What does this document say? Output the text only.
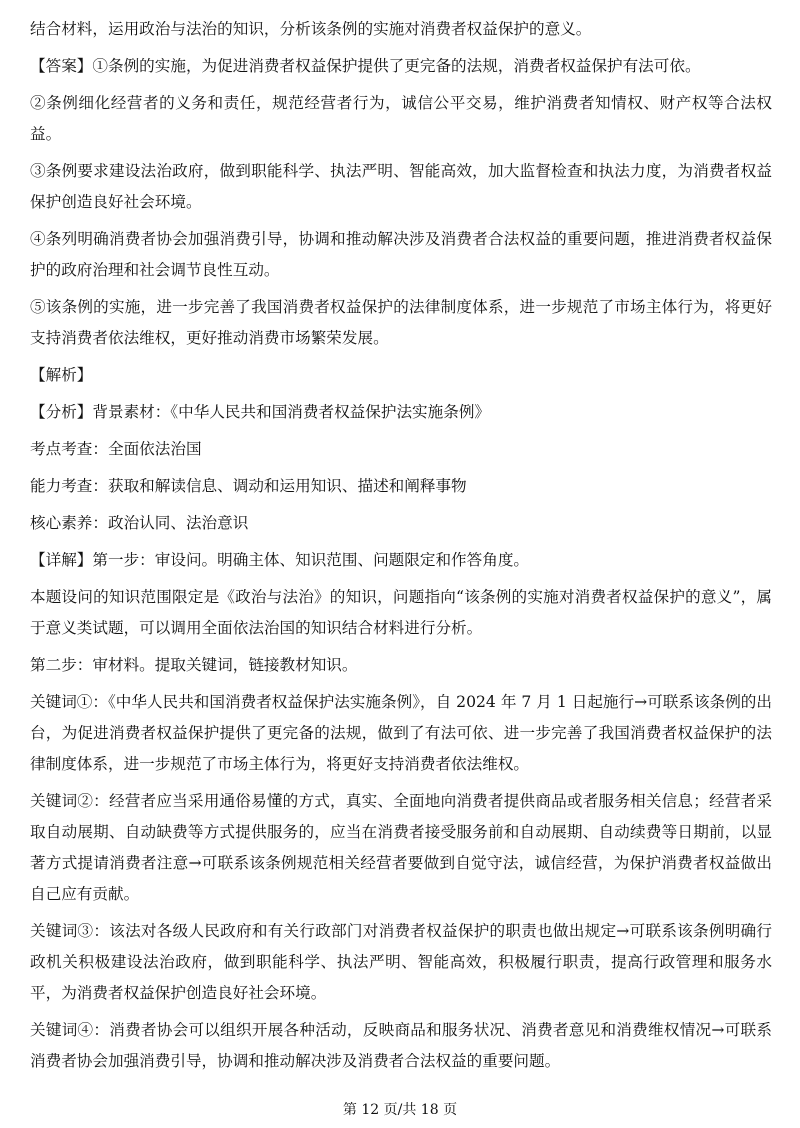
结合材料，运用政治与法治的知识，分析该条例的实施对消费者权益保护的意义。

【答案】①条例的实施，为促进消费者权益保护提供了更完备的法规，消费者权益保护有法可依。

②条例细化经营者的义务和责任，规范经营者行为，诚信公平交易，维护消费者知情权、财产权等合法权益。

③条例要求建设法治政府，做到职能科学、执法严明、智能高效，加大监督检查和执法力度，为消费者权益保护创造良好社会环境。

④条列明确消费者协会加强消费引导，协调和推动解决涉及消费者合法权益的重要问题，推进消费者权益保护的政府治理和社会调节良性互动。

⑤该条例的实施，进一步完善了我国消费者权益保护的法律制度体系，进一步规范了市场主体行为，将更好支持消费者依法维权，更好推动消费市场繁荣发展。

【解析】

【分析】背景素材：《中华人民共和国消费者权益保护法实施条例》

考点考查：全面依法治国

能力考查：获取和解读信息、调动和运用知识、描述和阐释事物

核心素养：政治认同、法治意识

【详解】第一步：审设问。明确主体、知识范围、问题限定和作答角度。

本题设问的知识范围限定是《政治与法治》的知识，问题指向“该条例的实施对消费者权益保护的意义”，属于意义类试题，可以调用全面依法治国的知识结合材料进行分析。

第二步：审材料。提取关键词，链接教材知识。

关键词①：《中华人民共和国消费者权益保护法实施条例》，自 2024 年 7 月 1 日起施行→可联系该条例的出台，为促进消费者权益保护提供了更完备的法规，做到了有法可依、进一步完善了我国消费者权益保护的法律制度体系，进一步规范了市场主体行为，将更好支持消费者依法维权。

关键词②：经营者应当采用通俗易懂的方式，真实、全面地向消费者提供商品或者服务相关信息；经营者采取自动展期、自动缺费等方式提供服务的，应当在消费者接受服务前和自动展期、自动续费等日期前，以显著方式提请消费者注意→可联系该条例规范相关经营者要做到自觉守法，诚信经营，为保护消费者权益做出自己应有贡献。

关键词③：该法对各级人民政府和有关行政部门对消费者权益保护的职责也做出规定→可联系该条例明确行政机关积极建设法治政府，做到职能科学、执法严明、智能高效，积极履行职责，提高行政管理和服务水平，为消费者权益保护创造良好社会环境。

关键词④：消费者协会可以组织开展各种活动，反映商品和服务状况、消费者意见和消费维权情况→可联系消费者协会加强消费引导，协调和推动解决涉及消费者合法权益的重要问题。

第 12 页/共 18 页
